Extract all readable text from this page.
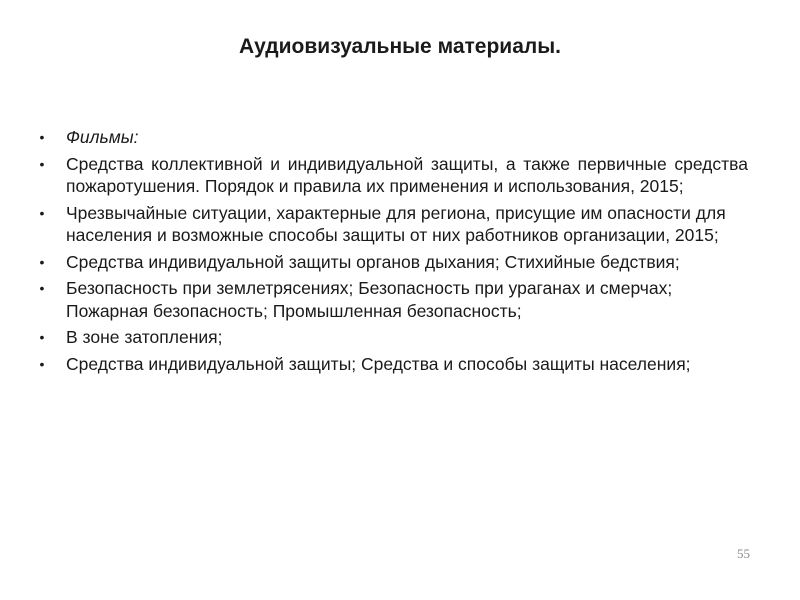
Аудиовизуальные материалы.
• Фильмы:
• Средства коллективной и индивидуальной защиты, а также первичные средства пожаротушения. Порядок и правила их применения и использования, 2015;
• Чрезвычайные ситуации, характерные для региона, присущие им опасности для населения и возможные способы защиты от них работников организации, 2015;
• Средства индивидуальной защиты органов дыхания; Стихийные бедствия;
• Безопасность при землетрясениях; Безопасность при ураганах и смерчах; Пожарная безопасность; Промышленная безопасность;
• В зоне затопления;
• Средства индивидуальной защиты; Средства и способы защиты населения;
55
